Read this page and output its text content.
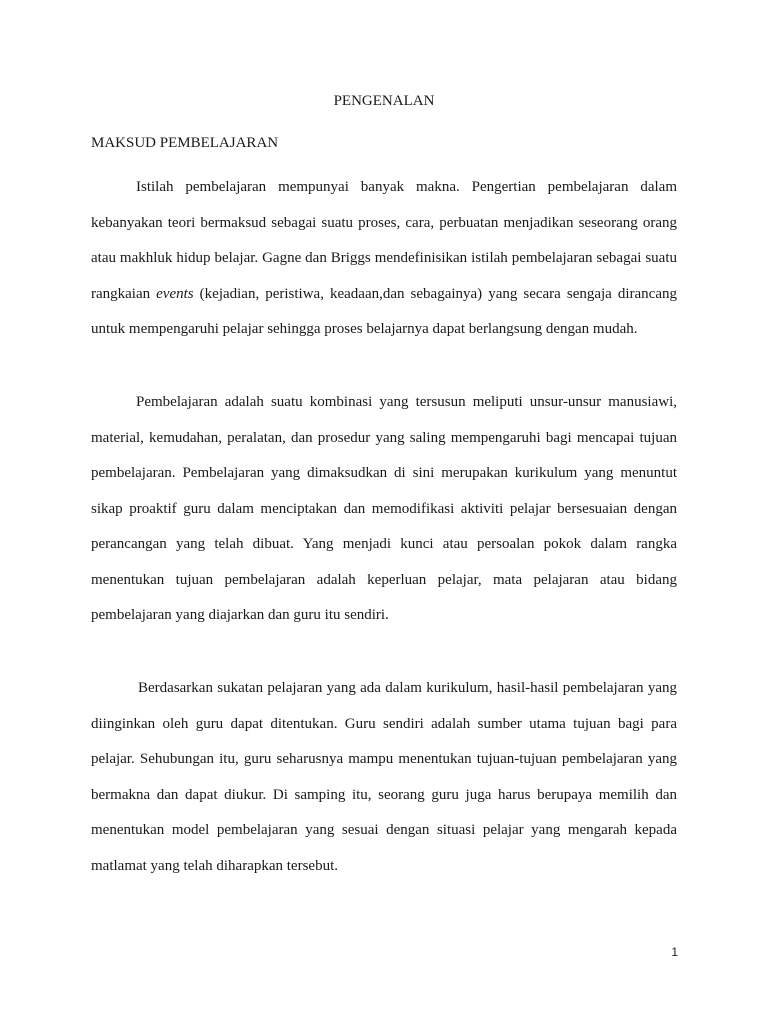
PENGENALAN
MAKSUD PEMBELAJARAN
Istilah pembelajaran mempunyai banyak makna. Pengertian pembelajaran dalam
kebanyakan teori bermaksud sebagai suatu proses, cara, perbuatan menjadikan seseorang orang
atau makhluk hidup belajar. Gagne dan Briggs mendefinisikan istilah pembelajaran sebagai suatu
rangkaian events (kejadian, peristiwa, keadaan,dan sebagainya) yang secara sengaja dirancang
untuk mempengaruhi pelajar sehingga proses belajarnya dapat berlangsung dengan mudah.
Pembelajaran adalah suatu kombinasi yang tersusun meliputi unsur-unsur manusiawi,
material, kemudahan, peralatan, dan prosedur yang saling mempengaruhi bagi mencapai tujuan
pembelajaran. Pembelajaran yang dimaksudkan di sini merupakan kurikulum yang menuntut
sikap proaktif guru dalam menciptakan dan memodifikasi aktiviti pelajar bersesuaian dengan
perancangan yang telah dibuat. Yang menjadi kunci atau persoalan pokok dalam rangka
menentukan tujuan pembelajaran adalah keperluan pelajar, mata pelajaran atau bidang
pembelajaran yang diajarkan dan guru itu sendiri.
Berdasarkan sukatan pelajaran yang ada dalam kurikulum, hasil-hasil pembelajaran yang
diinginkan oleh guru dapat ditentukan. Guru sendiri adalah sumber utama tujuan bagi para
pelajar. Sehubungan itu, guru seharusnya mampu menentukan tujuan-tujuan pembelajaran yang
bermakna dan dapat diukur. Di samping itu, seorang guru juga harus berupaya memilih dan
menentukan model pembelajaran yang sesuai dengan situasi pelajar yang mengarah kepada
matlamat yang telah diharapkan tersebut.
1
